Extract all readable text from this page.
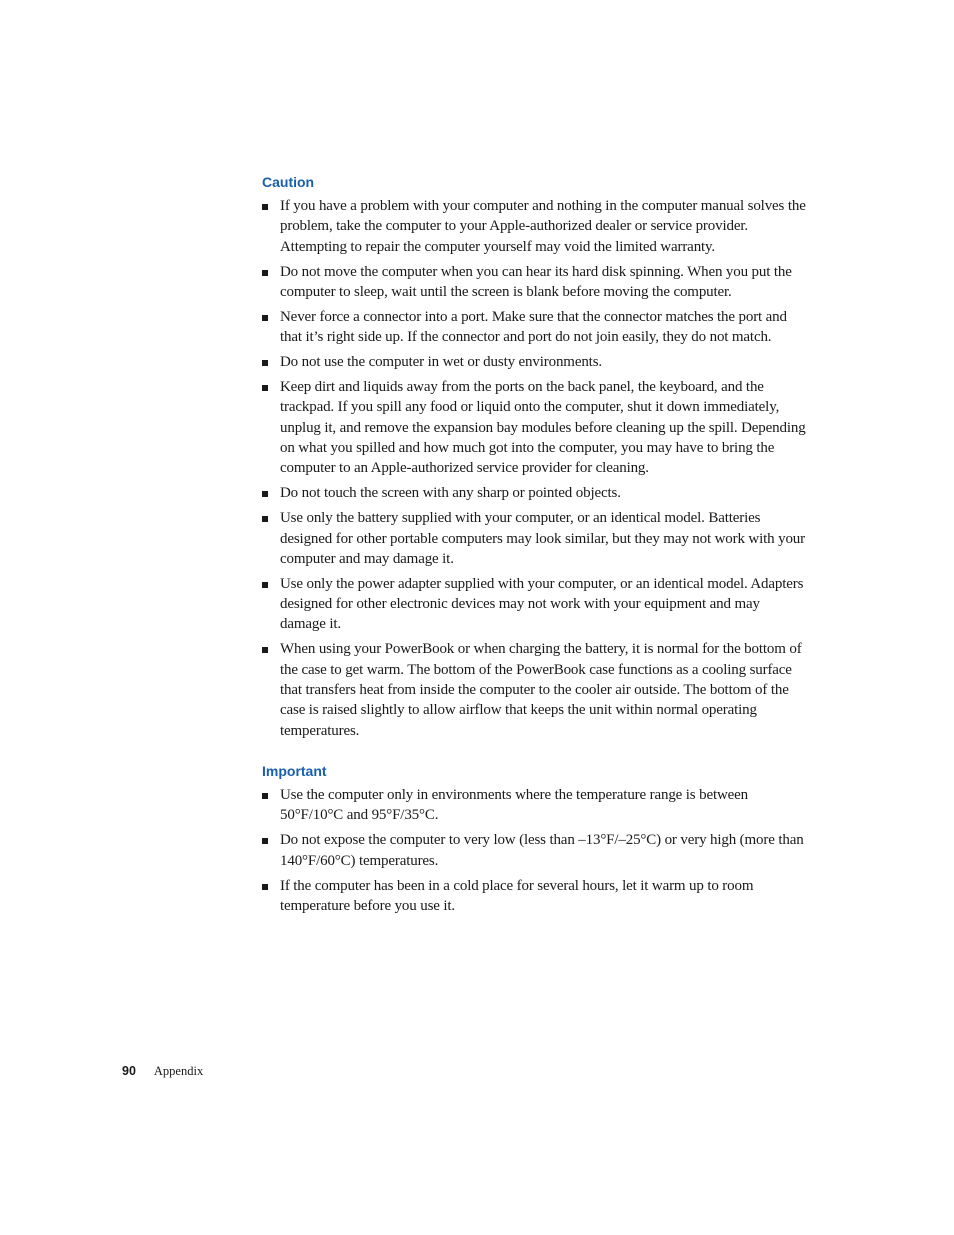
Caution
If you have a problem with your computer and nothing in the computer manual solves the problem, take the computer to your Apple-authorized dealer or service provider. Attempting to repair the computer yourself may void the limited warranty.
Do not move the computer when you can hear its hard disk spinning. When you put the computer to sleep, wait until the screen is blank before moving the computer.
Never force a connector into a port. Make sure that the connector matches the port and that it’s right side up. If the connector and port do not join easily, they do not match.
Do not use the computer in wet or dusty environments.
Keep dirt and liquids away from the ports on the back panel, the keyboard, and the trackpad. If you spill any food or liquid onto the computer, shut it down immediately, unplug it, and remove the expansion bay modules before cleaning up the spill. Depending on what you spilled and how much got into the computer, you may have to bring the computer to an Apple-authorized service provider for cleaning.
Do not touch the screen with any sharp or pointed objects.
Use only the battery supplied with your computer, or an identical model. Batteries designed for other portable computers may look similar, but they may not work with your computer and may damage it.
Use only the power adapter supplied with your computer, or an identical model. Adapters designed for other electronic devices may not work with your equipment and may damage it.
When using your PowerBook or when charging the battery, it is normal for the bottom of the case to get warm. The bottom of the PowerBook case functions as a cooling surface that transfers heat from inside the computer to the cooler air outside. The bottom of the case is raised slightly to allow airflow that keeps the unit within normal operating temperatures.
Important
Use the computer only in environments where the temperature range is between 50°F/10°C and 95°F/35°C.
Do not expose the computer to very low (less than –13°F/–25°C) or very high (more than 140°F/60°C) temperatures.
If the computer has been in a cold place for several hours, let it warm up to room temperature before you use it.
90 Appendix
